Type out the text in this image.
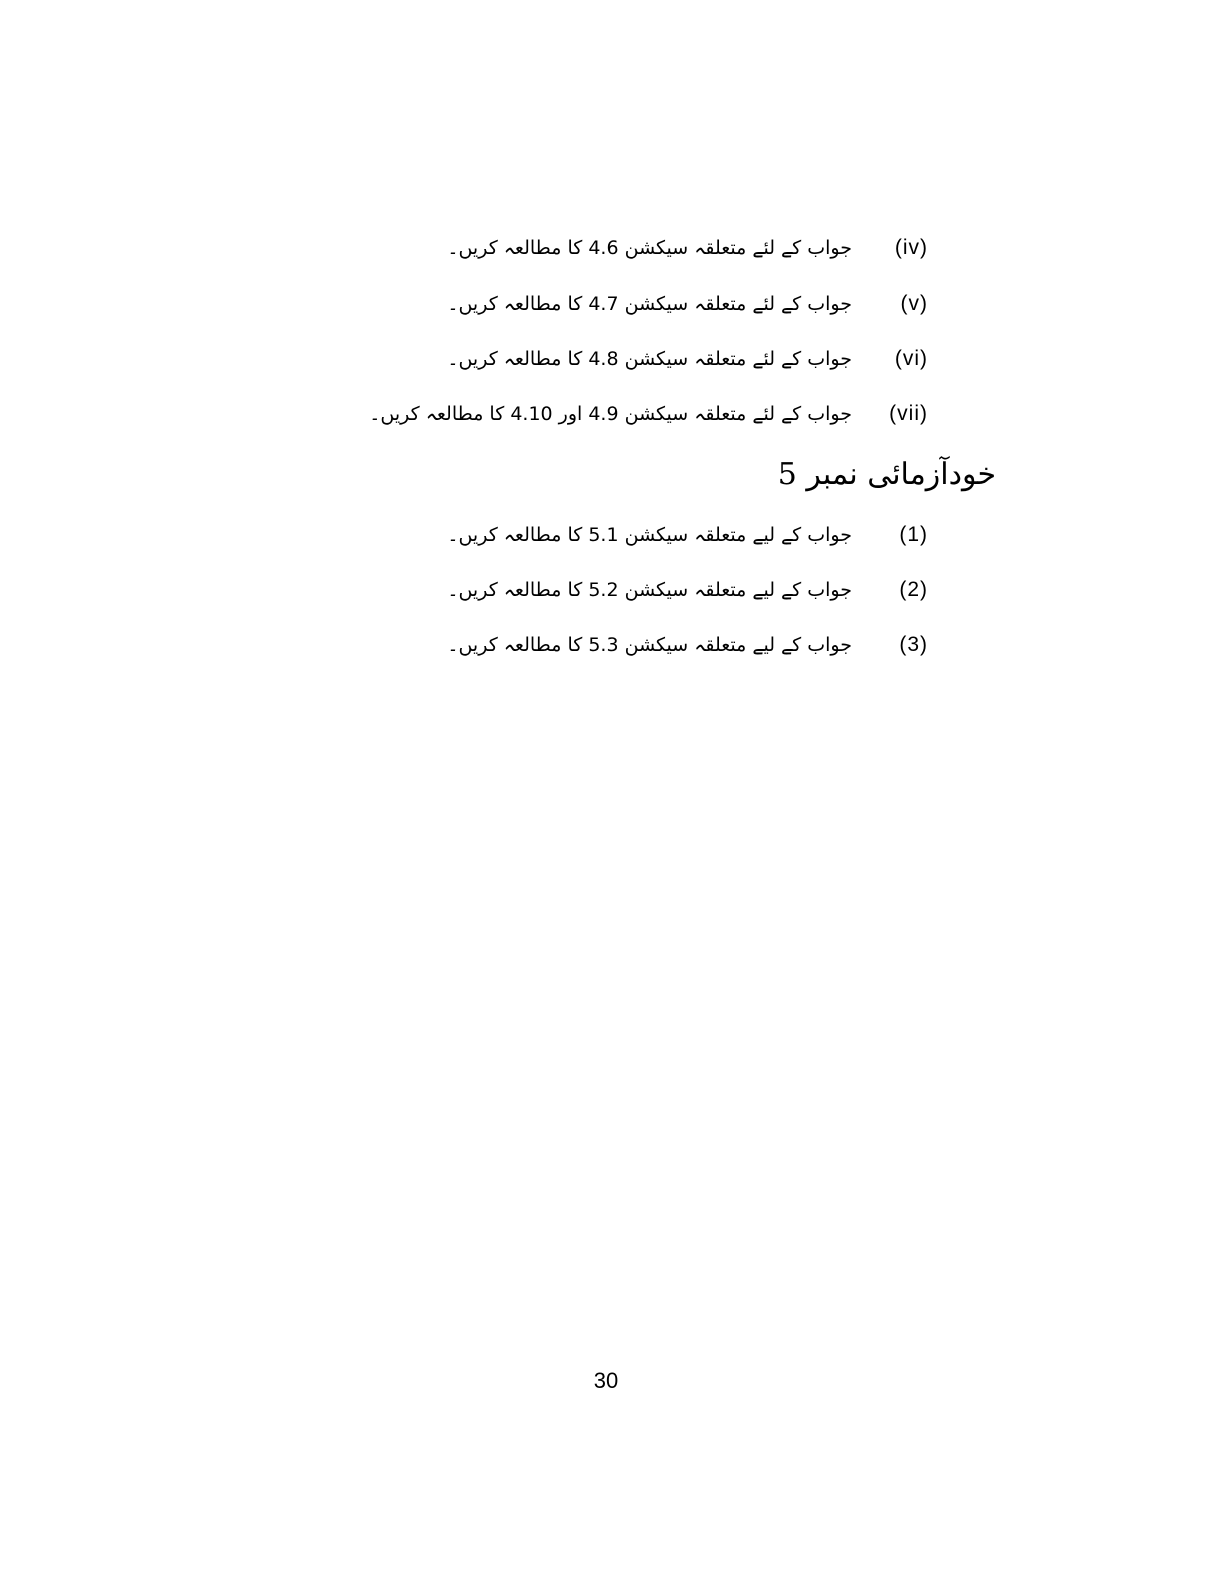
(iv)
جواب کے لئے متعلقہ سیکشن 4.6 کا مطالعہ کریں۔
(v)
جواب کے لئے متعلقہ سیکشن 4.7 کا مطالعہ کریں۔
(vi)
جواب کے لئے متعلقہ سیکشن 4.8 کا مطالعہ کریں۔
(vii)
جواب کے لئے متعلقہ سیکشن 4.9 اور 4.10 کا مطالعہ کریں۔
خودآزمائی نمبر 5
(1)
جواب کے لیے متعلقہ سیکشن 5.1 کا مطالعہ کریں۔
(2)
جواب کے لیے متعلقہ سیکشن 5.2 کا مطالعہ کریں۔
(3)
جواب کے لیے متعلقہ سیکشن 5.3 کا مطالعہ کریں۔
30
